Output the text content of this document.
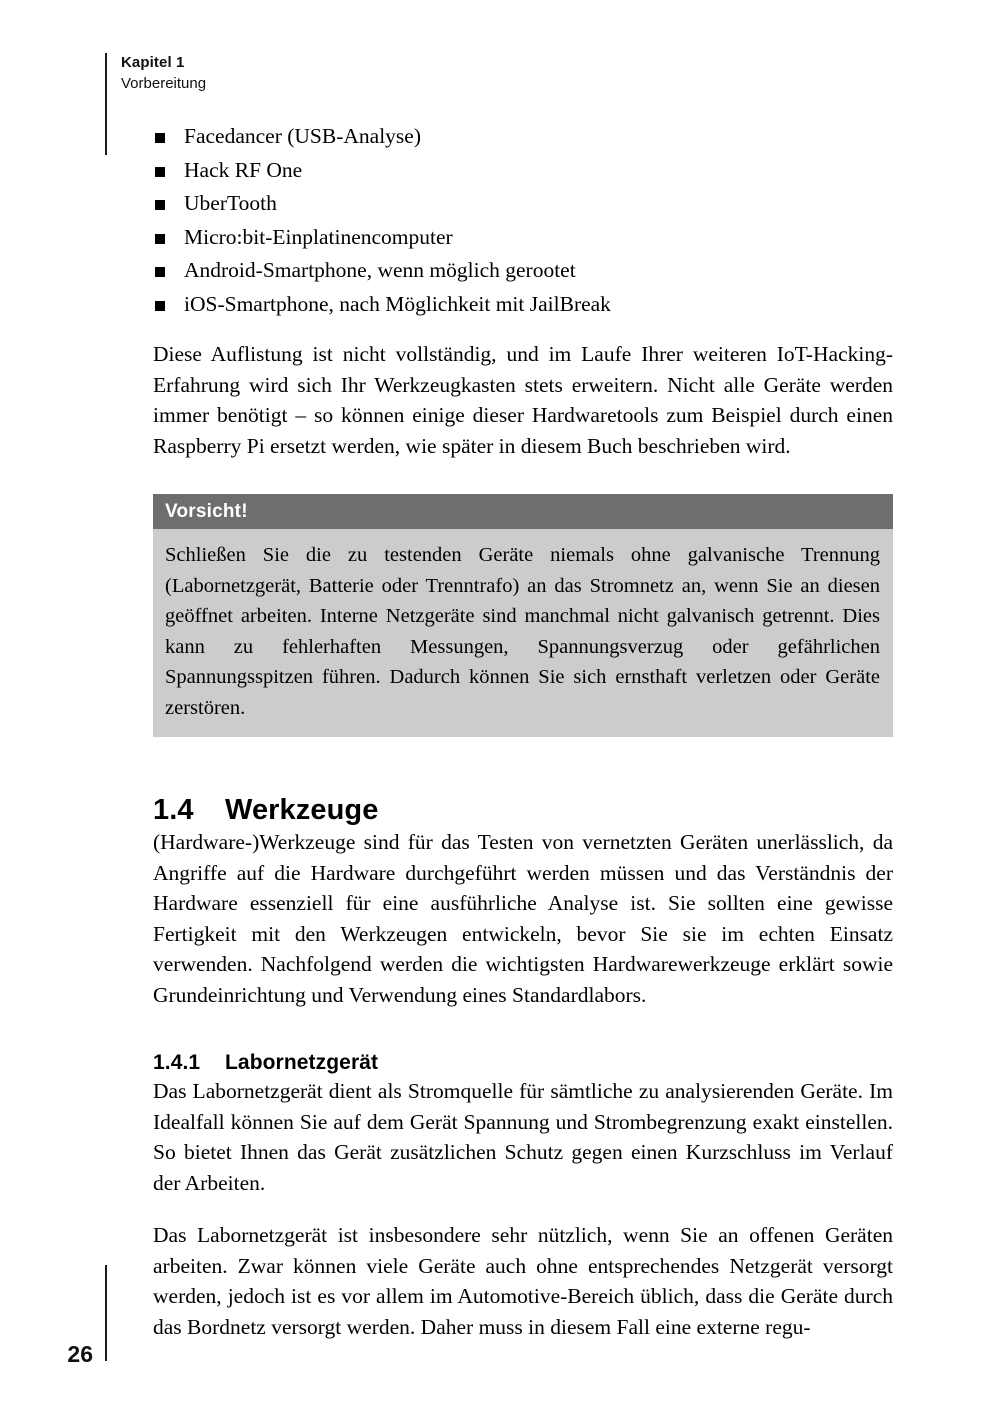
Kapitel 1
Vorbereitung
Facedancer (USB-Analyse)
Hack RF One
UberTooth
Micro:bit-Einplatinencomputer
Android-Smartphone, wenn möglich gerootet
iOS-Smartphone, nach Möglichkeit mit JailBreak

Diese Auflistung ist nicht vollständig, und im Laufe Ihrer weiteren IoT-Hacking-Erfahrung wird sich Ihr Werkzeugkasten stets erweitern. Nicht alle Geräte werden immer benötigt – so können einige dieser Hardwaretools zum Beispiel durch einen Raspberry Pi ersetzt werden, wie später in diesem Buch beschrieben wird.

Vorsicht!

Schließen Sie die zu testenden Geräte niemals ohne galvanische Trennung (Labornetzgerät, Batterie oder Trenntrafo) an das Stromnetz an, wenn Sie an diesen geöffnet arbeiten. Interne Netzgeräte sind manchmal nicht galvanisch getrennt. Dies kann zu fehlerhaften Messungen, Spannungsverzug oder gefährlichen Spannungsspitzen führen. Dadurch können Sie sich ernsthaft verletzen oder Geräte zerstören.

1.4	Werkzeuge

(Hardware-)Werkzeuge sind für das Testen von vernetzten Geräten unerlässlich, da Angriffe auf die Hardware durchgeführt werden müssen und das Verständnis der Hardware essenziell für eine ausführliche Analyse ist. Sie sollten eine gewisse Fertigkeit mit den Werkzeugen entwickeln, bevor Sie sie im echten Einsatz verwenden. Nachfolgend werden die wichtigsten Hardwarewerkzeuge erklärt sowie Grundeinrichtung und Verwendung eines Standardlabors.

1.4.1	Labornetzgerät

Das Labornetzgerät dient als Stromquelle für sämtliche zu analysierenden Geräte. Im Idealfall können Sie auf dem Gerät Spannung und Strombegrenzung exakt einstellen. So bietet Ihnen das Gerät zusätzlichen Schutz gegen einen Kurzschluss im Verlauf der Arbeiten.

Das Labornetzgerät ist insbesondere sehr nützlich, wenn Sie an offenen Geräten arbeiten. Zwar können viele Geräte auch ohne entsprechendes Netzgerät versorgt werden, jedoch ist es vor allem im Automotive-Bereich üblich, dass die Geräte durch das Bordnetz versorgt werden. Daher muss in diesem Fall eine externe regu-

26
